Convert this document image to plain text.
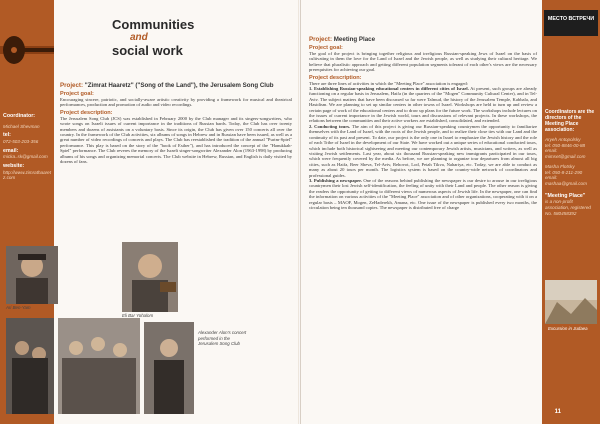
Coordinator:
Michael Shevman
tel:
072-503-203-356
email:
micka..sk@gmail.com
website:
http://www.zimrathaaretz.com
Communities
and
social work
Project: "Zimrat Haaretz" ("Song of the Land"), the Jerusalem Song Club
Project goal:
Encouraging sincere, patriotic, and socially-aware artistic creativity by providing a framework for musical and theatrical performances, production and promotion of audio and video recordings.
Project description:
The Jerusalem Song Club (JCS) was established in February 2000 by the Club manager and its singers-songwriters, who wrote songs on Israeli issues of current importance in the traditions of Russian bards. Today, the Club has over twenty members and dozens of assistants on a voluntary basis. Since its origin, the Club has given over 150 concerts all over the country. In the framework of the Club activities, six albums of songs in Hebrew and in Russian have been issued, as well as a great number of video recordings of concerts and plays. The Club has reestablished the tradition of the annual "Purim-Spiel" performance. This play is based on the story of the "book of Esther"), and has introduced the concept of the "Hanukkah-Spiel" performance. The Club reveres the memory of the Israeli singer-songwriter Alexander Alon (1963-1998) by producing albums of his songs and organizing memorial concerts. The Club website in Hebrew, Russian, and English is daily visited by dozens of fans.
Ari Ben-Yam
Eli Bar Yohalom
Alexander Alon's concert performed in the Jerusalem Song Club
МЕСТО ВСТРЕЧИ
Coordinators are the directors of the Meeting Place association:
Aryeh Antopolsky
tel: 050-8846-00-88
email: mimset@gmail.com
Masha Flotsky
tel: 050-8-211-290
email: mashaa@gmail.com
"Meeting Place"
is a non-profit association, registered No. 580458392
Excursion in Judaea
Project: Meeting Place
Project goal:
The goal of the project is bringing together religious and irreligious Russian-speaking Jews of Israel on the basis of cultivating in them the love for the Land of Israel and the Jewish people, as well as studying their cultural heritage. We believe that pluralistic approach and getting different population segments tolerant of each other's views are the necessary prerequisites for achieving our goal.
Project description:
There are three lines of activities in which the "Meeting Place" association is engaged:
1. Establishing Russian-speaking educational centers in different cities of Israel. At present, such groups are already functioning on a regular basis in Jerusalem, Haifa (in the quarters of the "Mogen" Community Cultural Center), and in Tel-Aviv. The subject matters that have been discussed so far were Talmud, the history of the Jerusalem Temple, Kabbala, and Hasidism. We are planning to set up similar centers in other towns of Israel. Workshops are held to turn up and review a certain page of work of the educational centers and to draw up plans for the future work. The workshops include lectures on the issues of current importance in the Jewish world, tours and discussions of relevant projects. In these workshops, the relations between the communities and their active workers are established, consolidated, and extended.
2. Conducting tours. The aim of this project is giving our Russian-speaking countrymen the opportunity to familiarize themselves with the Land of Israel, with the roots of the Jewish people, and to realize their close ties with our Land and the continuity of its past and present. To date, our project is the only one in Israel to emphasize the Jewish history and the role of each Tribe of Israel in the development of our State. We have worked out a unique series of educational conducted tours, which include both historical sightseeing and meeting our contemporary Jewish artists, musicians, and writers, as well as visiting Jewish settlements. Last year, about six thousand Russian-speaking new immigrants participated in our tours, which were frequently covered by the media. As before, we are planning to organize tour departures from almost all big cities, such as Haifa, Beer Sheva, Tel-Aviv, Rehovot, Lod, Petah Tikva, Nahariya, etc. Today, we are able to conduct as many as about 20 tours per month. The logistics system is based on the country-wide network of coordinators and professional guides.
3. Publishing a newspaper. One of the reasons behind publishing the newspaper is our desire to arouse in our irreligious countrymen their lost Jewish self-identification, the feeling of unity with their Land and people. The other reason is giving the readers the opportunity of getting to different views of numerous aspects of Jewish life. In the newspaper, one can find the information on various activities of the "Meeting Place" association and of other organizations, cooperating with it on a regular basis – MAOF, Mogen, ZeHaderekh, Amana, etc. One issue of the newspaper is published every two months, the circulation being ten thousand copies. The newspaper is distributed free of charge
11
